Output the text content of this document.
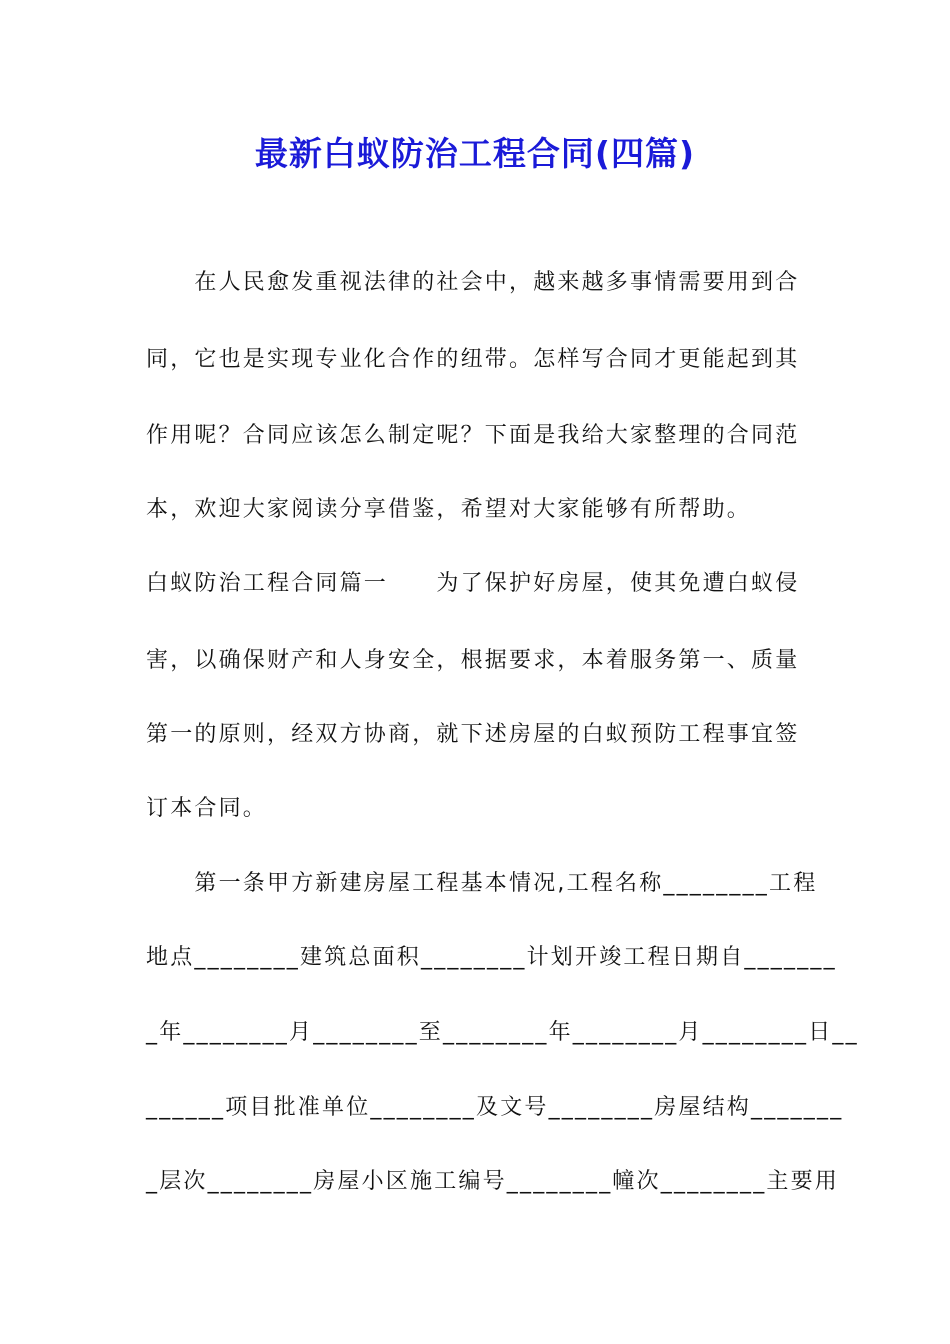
最新白蚁防治工程合同(四篇)
　　在人民愈发重视法律的社会中，越来越多事情需要用到合
同，它也是实现专业化合作的纽带。怎样写合同才更能起到其
作用呢？合同应该怎么制定呢？下面是我给大家整理的合同范
本，欢迎大家阅读分享借鉴，希望对大家能够有所帮助。
白蚁防治工程合同篇一　　为了保护好房屋，使其免遭白蚁侵
害，以确保财产和人身安全，根据要求，本着服务第一、质量
第一的原则，经双方协商，就下述房屋的白蚁预防工程事宜签
订本合同。
　　第一条甲方新建房屋工程基本情况,工程名称________工程
地点________建筑总面积________计划开竣工程日期自_______
_年________月________至________年________月________日__
______项目批准单位________及文号________房屋结构_______
_层次________房屋小区施工编号________幢次________主要用
